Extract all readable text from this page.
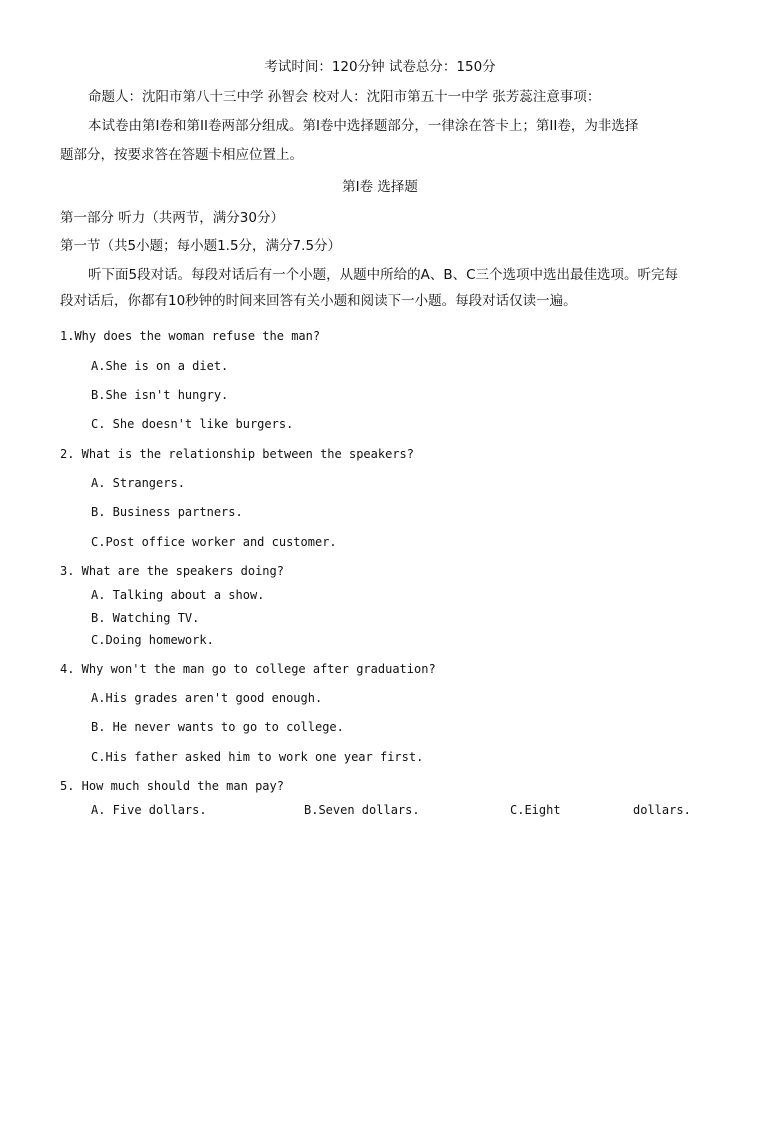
考试时间：120分钟 试卷总分：150分
命题人：沈阳市第八十三中学 孙智会 校对人：沈阳市第五十一中学 张芳蕊注意事项：
本试卷由第I卷和第II卷两部分组成。第I卷中选择题部分，一律涂在答卡上；第II卷，为非选择
题部分，按要求答在答题卡相应位置上。
第I卷 选择题
第一部分 听力（共两节，满分30分）
第一节（共5小题；每小题1.5分，满分7.5分）
听下面5段对话。每段对话后有一个小题，从题中所给的A、B、C三个选项中选出最佳选项。听完每
段对话后，你都有10秒钟的时间来回答有关小题和阅读下一小题。每段对话仅读一遍。
1.Why does the woman refuse the man?
A.She is on a diet.
B.She isn't hungry.
C. She doesn't like burgers.
2. What is the relationship between the speakers?
A. Strangers.
B. Business partners.
C.Post office worker and customer.
3. What are the speakers doing?
A. Talking about a show.
B. Watching TV.
C.Doing homework.
4. Why won't the man go to college after graduation?
A.His grades aren't good enough.
B. He never wants to go to college.
C.His father asked him to work one year first.
5. How much should the man pay?
A. Five dollars.	B.Seven dollars.	C.Eight	dollars.
